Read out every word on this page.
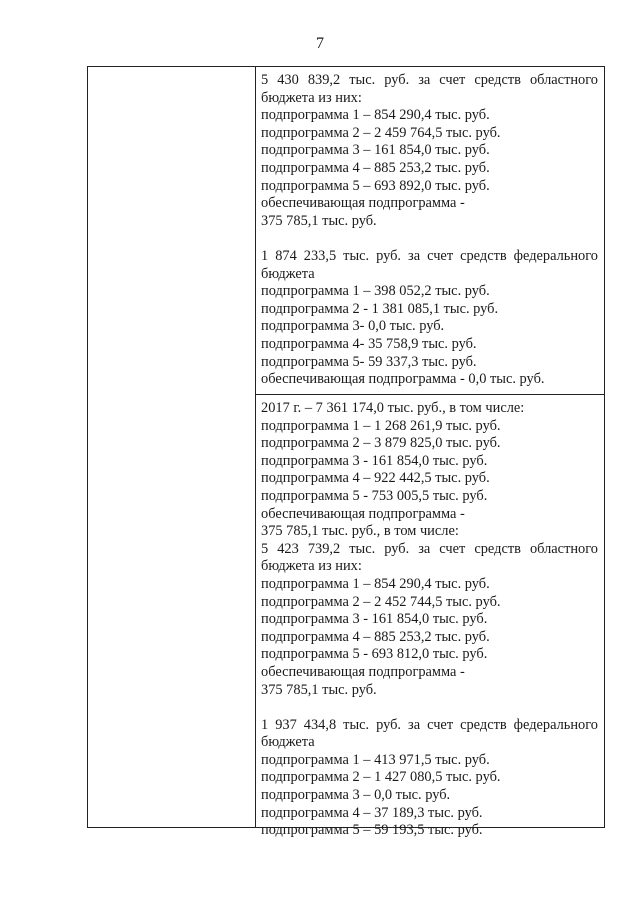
7
5 430 839,2 тыс. руб. за счет средств областного
бюджета из них:
подпрограмма 1 – 854 290,4 тыс. руб.
подпрограмма 2 – 2 459 764,5 тыс. руб.
подпрограмма 3 – 161 854,0 тыс. руб.
подпрограмма 4 – 885 253,2 тыс. руб.
подпрограмма 5 – 693 892,0 тыс. руб.
обеспечивающая подпрограмма -
375 785,1 тыс. руб.
1 874 233,5 тыс. руб. за счет средств федерального
бюджета
подпрограмма 1 – 398 052,2 тыс. руб.
подпрограмма 2 - 1 381 085,1 тыс. руб.
подпрограмма 3- 0,0 тыс. руб.
подпрограмма 4- 35 758,9 тыс. руб.
подпрограмма 5- 59 337,3 тыс. руб.
обеспечивающая подпрограмма - 0,0 тыс. руб.
2017 г. – 7 361 174,0 тыс. руб., в том числе:
подпрограмма 1 – 1 268 261,9 тыс. руб.
подпрограмма 2 – 3 879 825,0 тыс. руб.
подпрограмма 3 - 161 854,0 тыс. руб.
подпрограмма 4 – 922 442,5 тыс. руб.
подпрограмма 5 - 753 005,5 тыс. руб.
обеспечивающая подпрограмма -
375 785,1 тыс. руб., в том числе:
5 423 739,2 тыс. руб. за счет средств областного
бюджета из них:
подпрограмма 1 – 854 290,4 тыс. руб.
подпрограмма 2 – 2 452 744,5 тыс. руб.
подпрограмма 3 - 161 854,0 тыс. руб.
подпрограмма 4 – 885 253,2 тыс. руб.
подпрограмма 5 - 693 812,0 тыс. руб.
обеспечивающая подпрограмма -
375 785,1 тыс. руб.
1 937 434,8 тыс. руб. за счет средств федерального
бюджета
подпрограмма 1 – 413 971,5 тыс. руб.
подпрограмма 2 – 1 427 080,5 тыс. руб.
подпрограмма 3 – 0,0 тыс. руб.
подпрограмма 4 – 37 189,3 тыс. руб.
подпрограмма 5 – 59 193,5 тыс. руб.
